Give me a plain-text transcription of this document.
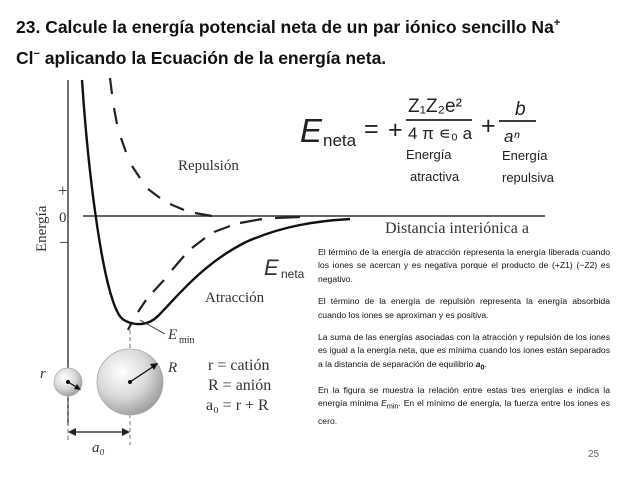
23. Calcule la energía potencial neta de un par iónico sencillo Na+
Cl− aplicando la Ecuación de la energía neta.
E neta = +
Z₁Z₂e²
4 π ∊₀ a
Energía
atractiva
+
b
aⁿ
Energía
repulsiva
Energía
+
0
−
Distancia interiónica a
Repulsión
E neta
Atracción
E mín
r	R
a₀
r = catión
R = anión
a₀ = r + R

El término de la energía de atracción representa la energía liberada cuando los iones se acercan y es negativa porque el producto de (+Z1) (−Z2) es negativo.

El término de la energía de repulsión representa la energía absorbida cuando los iones se aproximan y es positiva.

La suma de las energías asociadas con la atracción y repulsión de los iones es igual a la energía neta, que es mínima cuando los iones están separados a la distancia de separación de equilibrio $a_0$.

En la figura se muestra la relación entre estas tres energías e indica la energía mínima $E_{min}$. En el mínimo de energía, la fuerza entre los iones es cero.

25
